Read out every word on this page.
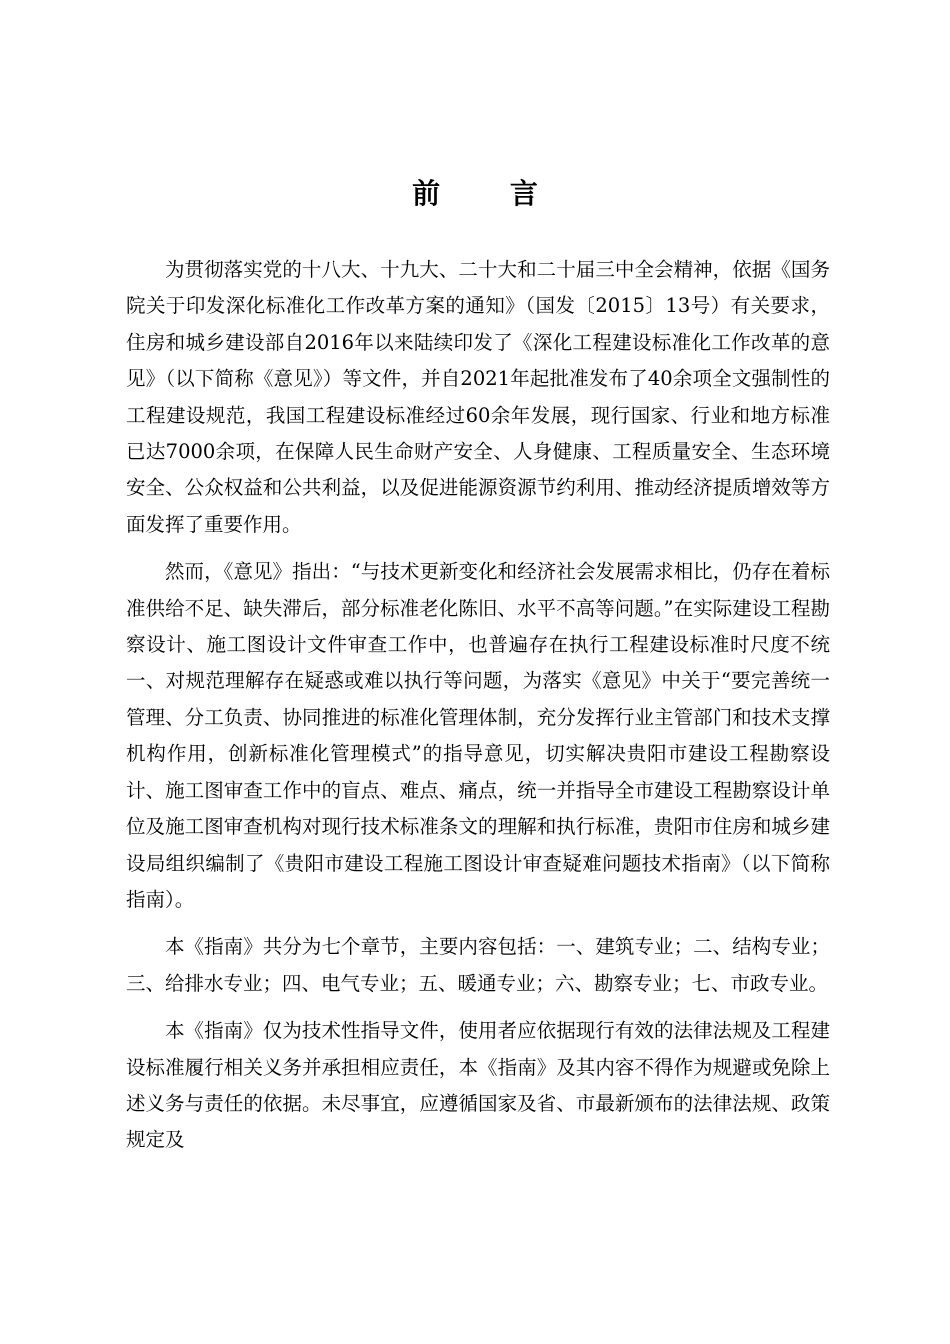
前 言

为贯彻落实党的十八大、十九大、二十大和二十届三中全会精神，依据《国务院关于印发深化标准化工作改革方案的通知》（国发〔2015〕13号）有关要求，住房和城乡建设部自2016年以来陆续印发了《深化工程建设标准化工作改革的意见》（以下简称《意见》）等文件，并自2021年起批准发布了40余项全文强制性的工程建设规范，我国工程建设标准经过60余年发展，现行国家、行业和地方标准已达7000余项，在保障人民生命财产安全、人身健康、工程质量安全、生态环境安全、公众权益和公共利益，以及促进能源资源节约利用、推动经济提质增效等方面发挥了重要作用。

然而，《意见》指出：“与技术更新变化和经济社会发展需求相比，仍存在着标准供给不足、缺失滞后，部分标准老化陈旧、水平不高等问题。”在实际建设工程勘察设计、施工图设计文件审查工作中，也普遍存在执行工程建设标准时尺度不统一、对规范理解存在疑惑或难以执行等问题，为落实《意见》中关于“要完善统一管理、分工负责、协同推进的标准化管理体制，充分发挥行业主管部门和技术支撑机构作用，创新标准化管理模式”的指导意见，切实解决贵阳市建设工程勘察设计、施工图审查工作中的盲点、难点、痛点，统一并指导全市建设工程勘察设计单位及施工图审查机构对现行技术标准条文的理解和执行标准，贵阳市住房和城乡建设局组织编制了《贵阳市建设工程施工图设计审查疑难问题技术指南》（以下简称指南）。

本《指南》共分为七个章节，主要内容包括：一、建筑专业；二、结构专业；三、给排水专业；四、电气专业；五、暖通专业；六、勘察专业；七、市政专业。

本《指南》仅为技术性指导文件，使用者应依据现行有效的法律法规及工程建设标准履行相关义务并承担相应责任，本《指南》及其内容不得作为规避或免除上述义务与责任的依据。未尽事宜，应遵循国家及省、市最新颁布的法律法规、政策规定及
